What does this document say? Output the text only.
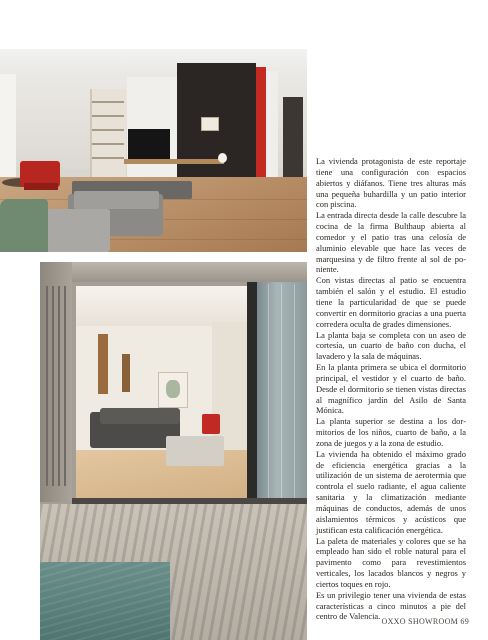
La vivienda protagonista de este reportaje tiene una configuración con espacios abiertos y diáfanos. Tiene tres alturas más una pequeña buhardilla y un patio interior con piscina.

La entrada directa desde la calle descubre la cocina de la firma Bulthaup abierta al comedor y el patio tras una celosía de aluminio elevable que hace las veces de marquesina y de filtro frente al sol de poniente.

Con vistas directas al patio se encuentra también el salón y el estudio. El estudio tiene la particularidad de que se puede convertir en dormitorio gracias a una puerta corredera oculta de grades dimensiones.

La planta baja se completa con un aseo de cortesía, un cuarto de baño con ducha, el lavadero y la sala de máquinas.

En la planta primera se ubica el dormitorio principal, el vestidor y el cuarto de baño. Desde el dormitorio se tienen vistas directas al magnífico jardín del Asilo de Santa Mónica.

La planta superior se destina a los dormitorios de los niños, cuarto de baño, a la zona de juegos y a la zona de estudio.

La vivienda ha obtenido el máximo grado de eficiencia energética gracias a la utilización de un sistema de aerotermia que controla el suelo radiante, el agua caliente sanitaria y la climatización mediante máquinas de conductos, además de unos aislamientos térmicos y acústicos que justifican esta calificación energética.

La paleta de materiales y colores que se ha empleado han sido el roble natural para el pavimento como para revestimientos verticales, los lacados blancos y negros y ciertos toques en rojo.

Es un privilegio tener una vivienda de estas características a cinco minutos a pie del centro de Valencia.

OXXO SHOWROOM 69
